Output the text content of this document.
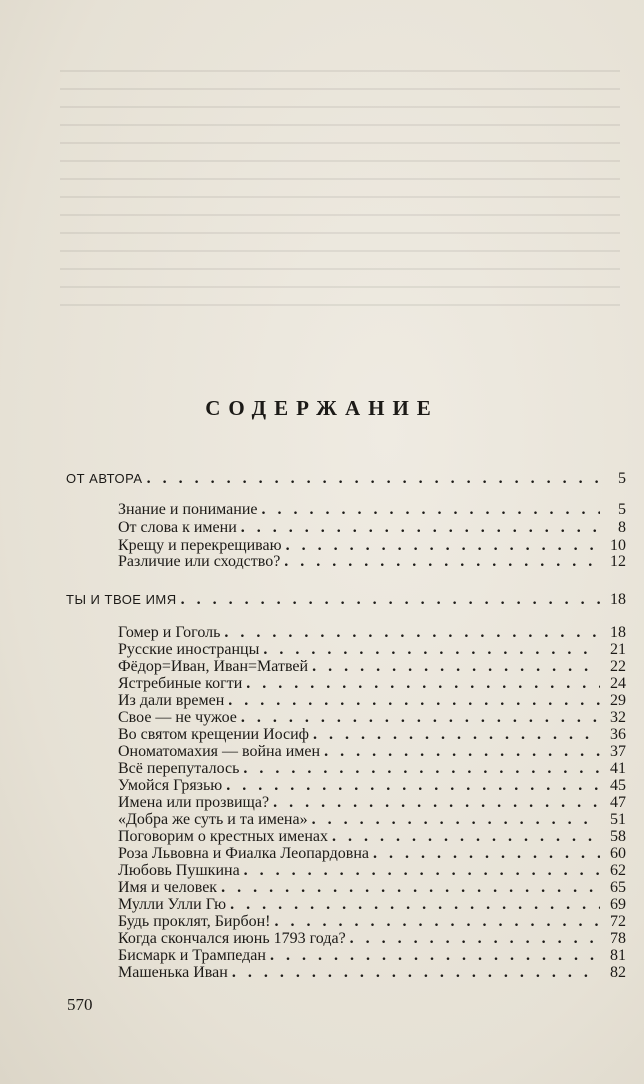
СОДЕРЖАНИЕ
ОТ АВТОРА . . .	5
Знание и понимание . . .	5
От слова к имени . . .	8
Крещу и перекрещиваю . . .	10
Различие или сходство? . . .	12
ТЫ И ТВОЕ ИМЯ . . .	18
Гомер и Гоголь . . .	18
Русские иностранцы . . .	21
Фёдор=Иван, Иван=Матвей . . .	22
Ястребиные когти . . .	24
Из дали времен . . .	29
Свое — не чужое . . .	32
Во святом крещении Иосиф . . .	36
Ономатомахия — война имен . . .	37
Всё перепуталось . . .	41
Умойся Грязью . . .	45
Имена или прозвища? . . .	47
«Добра же суть и та имена» . . .	51
Поговорим о крестных именах . . .	58
Роза Львовна и Фиалка Леопардовна . . .	60
Любовь Пушкина . . .	62
Имя и человек . . .	65
Мулли Улли Гю . . .	69
Будь проклят, Бирбон! . . .	72
Когда скончался июнь 1793 года? . . .	78
Бисмарк и Трампедан . . .	81
Машенька Иван . . .	82
570
